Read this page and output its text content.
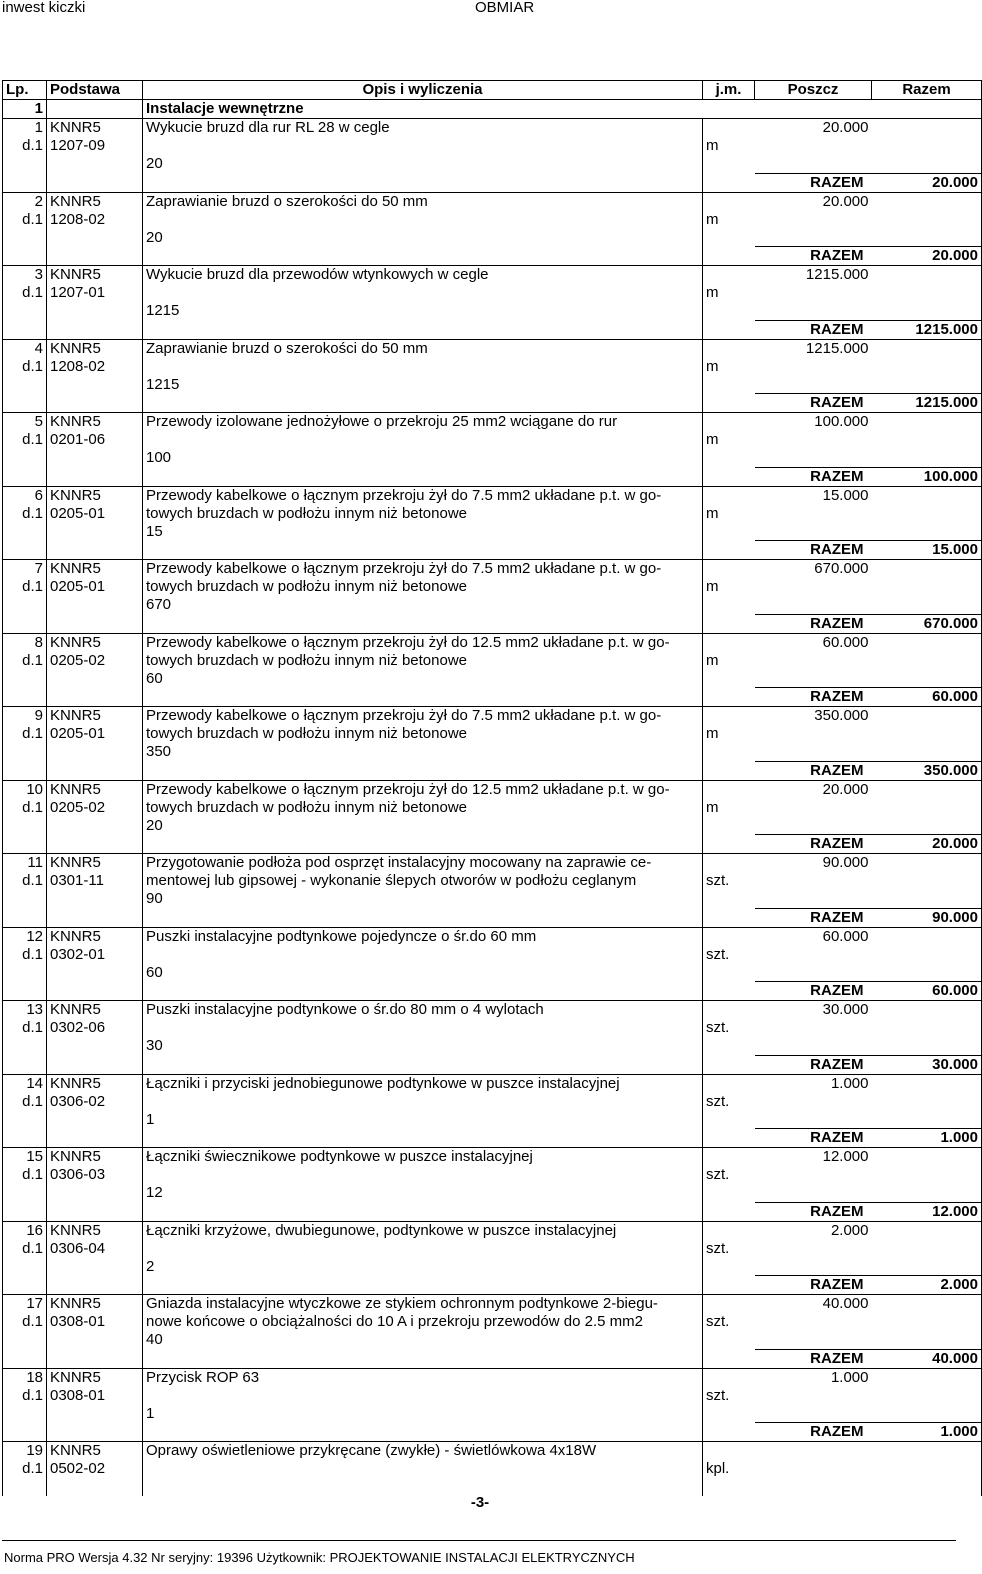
inwest kiczki	OBMIAR
Lp.	Podstawa	Opis i wyliczenia	j.m.	Poszcz	Razem
1		Instalacje wewnętrzne			
1	KNNR5	Wykucie bruzd dla rur RL 28 w cegle	m	20.000	
d.1	1207-09				
		20			
				RAZEM	20.000
2	KNNR5	Zaprawianie bruzd o szerokości do 50 mm	m	20.000	
d.1	1208-02				
		20			
				RAZEM	20.000
3	KNNR5	Wykucie bruzd dla przewodów wtynkowych w cegle	m	1215.000	
d.1	1207-01				
		1215			
				RAZEM	1215.000
4	KNNR5	Zaprawianie bruzd o szerokości do 50 mm	m	1215.000	
d.1	1208-02				
		1215			
				RAZEM	1215.000
5	KNNR5	Przewody izolowane jednożyłowe o przekroju 25 mm2 wciągane do rur	m	100.000	
d.1	0201-06				
		100			
				RAZEM	100.000
6	KNNR5	Przewody kabelkowe o łącznym przekroju żył do 7.5 mm2 układane p.t. w go-	m	15.000	
d.1	0205-01	towych bruzdach w podłożu innym niż betonowe			
		15			
				RAZEM	15.000
7	KNNR5	Przewody kabelkowe o łącznym przekroju żył do 7.5 mm2 układane p.t. w go-	m	670.000	
d.1	0205-01	towych bruzdach w podłożu innym niż betonowe			
		670			
				RAZEM	670.000
8	KNNR5	Przewody kabelkowe o łącznym przekroju żył do 12.5 mm2 układane p.t. w go-	m	60.000	
d.1	0205-02	towych bruzdach w podłożu innym niż betonowe			
		60			
				RAZEM	60.000
9	KNNR5	Przewody kabelkowe o łącznym przekroju żył do 7.5 mm2 układane p.t. w go-	m	350.000	
d.1	0205-01	towych bruzdach w podłożu innym niż betonowe			
		350			
				RAZEM	350.000
10	KNNR5	Przewody kabelkowe o łącznym przekroju żył do 12.5 mm2 układane p.t. w go-	m	20.000	
d.1	0205-02	towych bruzdach w podłożu innym niż betonowe			
		20			
				RAZEM	20.000
11	KNNR5	Przygotowanie podłoża pod osprzęt instalacyjny mocowany na zaprawie ce-	szt.	90.000	
d.1	0301-11	mentowej lub gipsowej - wykonanie ślepych otworów w podłożu ceglanym			
		90			
				RAZEM	90.000
12	KNNR5	Puszki instalacyjne podtynkowe pojedyncze o śr.do 60 mm	szt.	60.000	
d.1	0302-01				
		60			
				RAZEM	60.000
13	KNNR5	Puszki instalacyjne podtynkowe o śr.do 80 mm o 4 wylotach	szt.	30.000	
d.1	0302-06				
		30			
				RAZEM	30.000
14	KNNR5	Łączniki i przyciski jednobiegunowe podtynkowe w puszce instalacyjnej	szt.	1.000	
d.1	0306-02				
		1			
				RAZEM	1.000
15	KNNR5	Łączniki świecznikowe podtynkowe w puszce instalacyjnej	szt.	12.000	
d.1	0306-03				
		12			
				RAZEM	12.000
16	KNNR5	Łączniki krzyżowe, dwubiegunowe, podtynkowe w puszce instalacyjnej	szt.	2.000	
d.1	0306-04				
		2			
				RAZEM	2.000
17	KNNR5	Gniazda instalacyjne wtyczkowe ze stykiem ochronnym podtynkowe 2-biegu-	szt.	40.000	
d.1	0308-01	nowe końcowe o obciążalności do 10 A i przekroju przewodów do 2.5 mm2			
		40			
				RAZEM	40.000
18	KNNR5	Przycisk ROP 63	szt.	1.000	
d.1	0308-01				
		1			
				RAZEM	1.000
19	KNNR5	Oprawy oświetleniowe przykręcane (zwykłe) - świetlówkowa 4x18W	kpl.		
d.1	0502-02				

-3-
Norma PRO Wersja 4.32 Nr seryjny: 19396 Użytkownik: PROJEKTOWANIE INSTALACJI ELEKTRYCZNYCH
